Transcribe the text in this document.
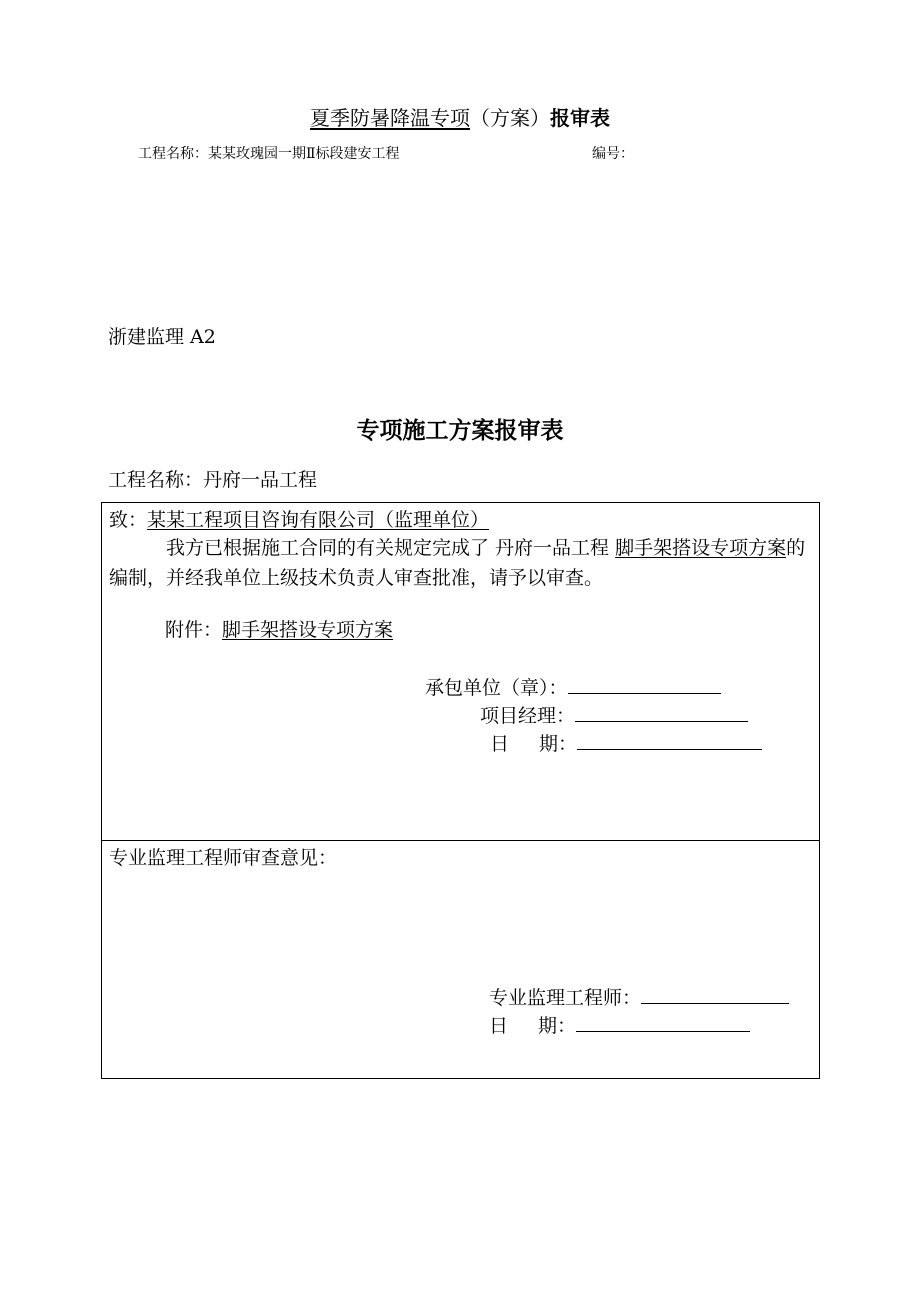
夏季防暑降温专项（方案）报审表
工程名称：某某玫瑰园一期Ⅱ标段建安工程	编号：
浙建监理 A2
专项施工方案报审表
工程名称：丹府一品工程
致：某某工程项目咨询有限公司（监理单位）
我方已根据施工合同的有关规定完成了 丹府一品工程 脚手架搭设专项方案的编制，并经我单位上级技术负责人审查批准，请予以审查。
附件：脚手架搭设专项方案
承包单位（章）：
项目经理：
日 期：
专业监理工程师审查意见：
专业监理工程师：
日 期：
